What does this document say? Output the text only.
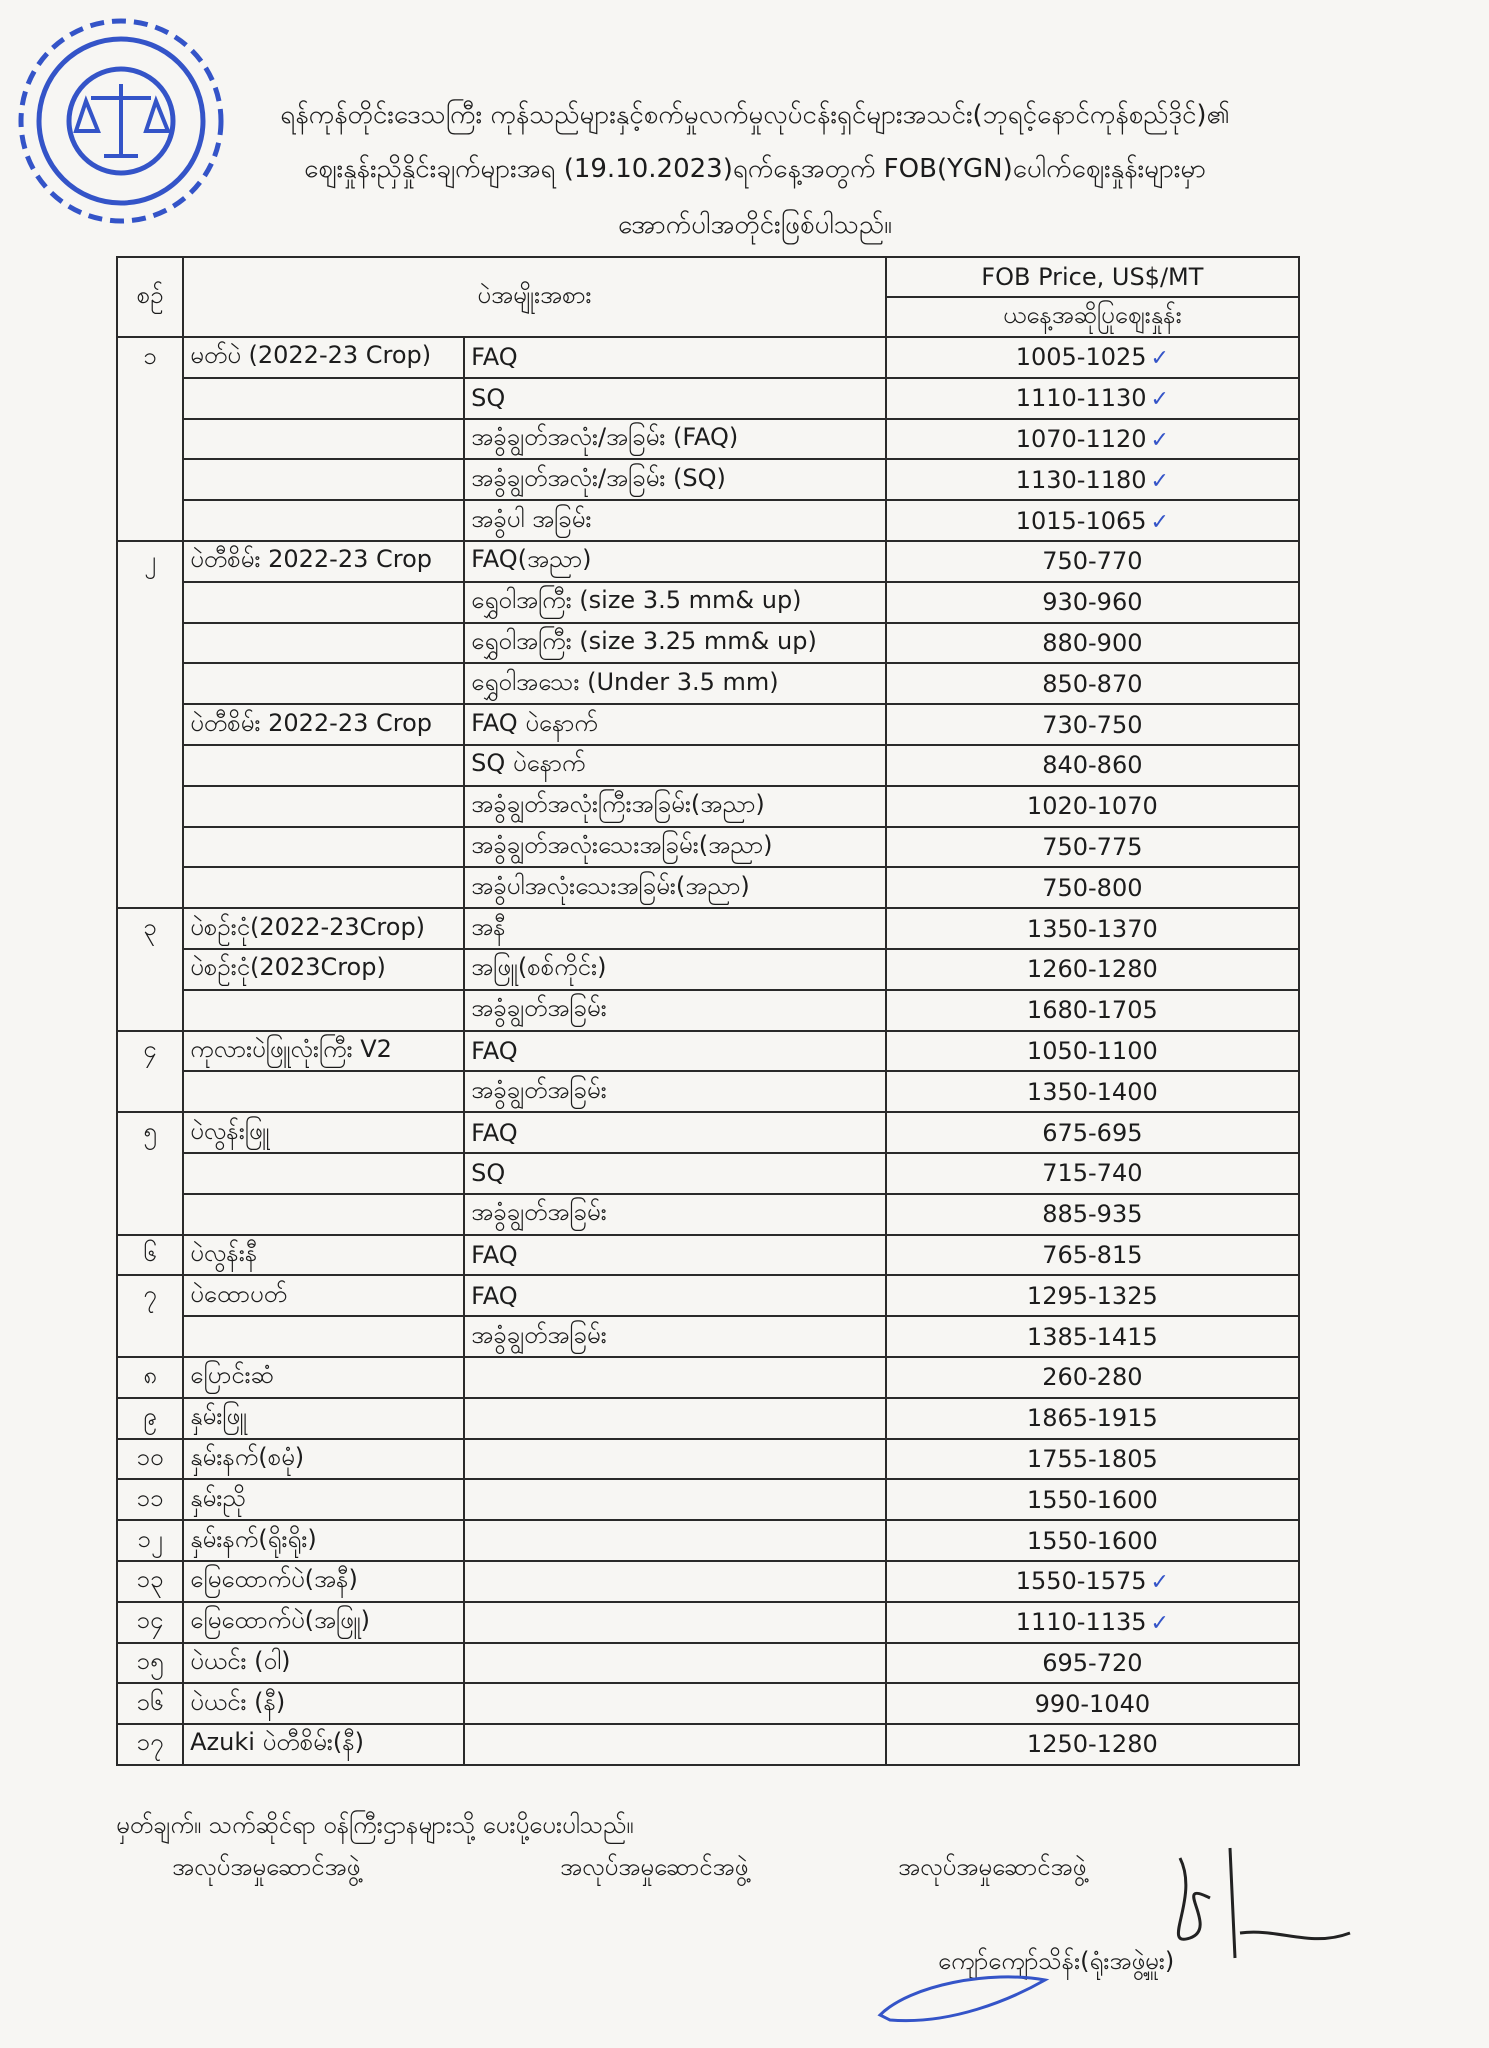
ရန်ကုန်တိုင်းဒေသကြီး ကုန်သည်များနှင့်စက်မှုလက်မှုလုပ်ငန်းရှင်များအသင်း(ဘုရင့်နောင်ကုန်စည်ဒိုင်)၏
ဈေးနှုန်းညှိနှိုင်းချက်များအရ (19.10.2023)ရက်နေ့အတွက် FOB(YGN)ပေါက်ဈေးနှုန်းများမှာ
အောက်ပါအတိုင်းဖြစ်ပါသည်။
စဉ်	ပဲအမျိုးအစား		FOB Price, US$/MT
			ယနေ့အဆိုပြုဈေးနှုန်း

၁	မတ်ပဲ (2022-23 Crop)	FAQ	1005-1025 ✓
		SQ	1110-1130 ✓
		အခွံချွတ်အလုံး/အခြမ်း (FAQ)	1070-1120 ✓
		အခွံချွတ်အလုံး/အခြမ်း (SQ)	1130-1180 ✓
		အခွံပါ အခြမ်း	1015-1065 ✓
၂	ပဲတီစိမ်း 2022-23 Crop	FAQ(အညာ)	750-770
		ရွှေဝါအကြီး (size 3.5 mm& up)	930-960
		ရွှေဝါအကြီး (size 3.25 mm& up)	880-900
		ရွှေဝါအသေး (Under 3.5 mm)	850-870
	ပဲတီစိမ်း 2022-23 Crop	FAQ ပဲနောက်	730-750
		SQ ပဲနောက်	840-860
		အခွံချွတ်အလုံးကြီးအခြမ်း(အညာ)	1020-1070
		အခွံချွတ်အလုံးသေးအခြမ်း(အညာ)	750-775
		အခွံပါအလုံးသေးအခြမ်း(အညာ)	750-800
၃	ပဲစဉ်းငုံ(2022-23Crop)	အနီ	1350-1370
	ပဲစဉ်းငုံ(2023Crop)	အဖြူ(စစ်ကိုင်း)	1260-1280
		အခွံချွတ်အခြမ်း	1680-1705
၄	ကုလားပဲဖြူလုံးကြီး V2	FAQ	1050-1100
		အခွံချွတ်အခြမ်း	1350-1400
၅	ပဲလွန်းဖြူ	FAQ	675-695
		SQ	715-740
		အခွံချွတ်အခြမ်း	885-935
၆	ပဲလွန်းနီ	FAQ	765-815
၇	ပဲထောပတ်	FAQ	1295-1325
		အခွံချွတ်အခြမ်း	1385-1415
၈	ပြောင်းဆံ		260-280
၉	နှမ်းဖြူ		1865-1915
၁၀	နှမ်းနက်(စမုံ)		1755-1805
၁၁	နှမ်းညို		1550-1600
၁၂	နှမ်းနက်(ရိုးရိုး)		1550-1600
၁၃	မြေထောက်ပဲ(အနီ)		1550-1575 ✓
၁၄	မြေထောက်ပဲ(အဖြူ)		1110-1135 ✓
၁၅	ပဲယင်း (ဝါ)		695-720
၁၆	ပဲယင်း (နီ)		990-1040
၁၇	Azuki ပဲတီစိမ်း(နီ)		1250-1280
မှတ်ချက်။ သက်ဆိုင်ရာ ဝန်ကြီးဌာနများသို့ ပေးပို့ပေးပါသည်။
အလုပ်အမှုဆောင်အဖွဲ့	အလုပ်အမှုဆောင်အဖွဲ့	အလုပ်အမှုဆောင်အဖွဲ့
ကျော်ကျော်သိန်း(ရုံးအဖွဲ့မှူး)
